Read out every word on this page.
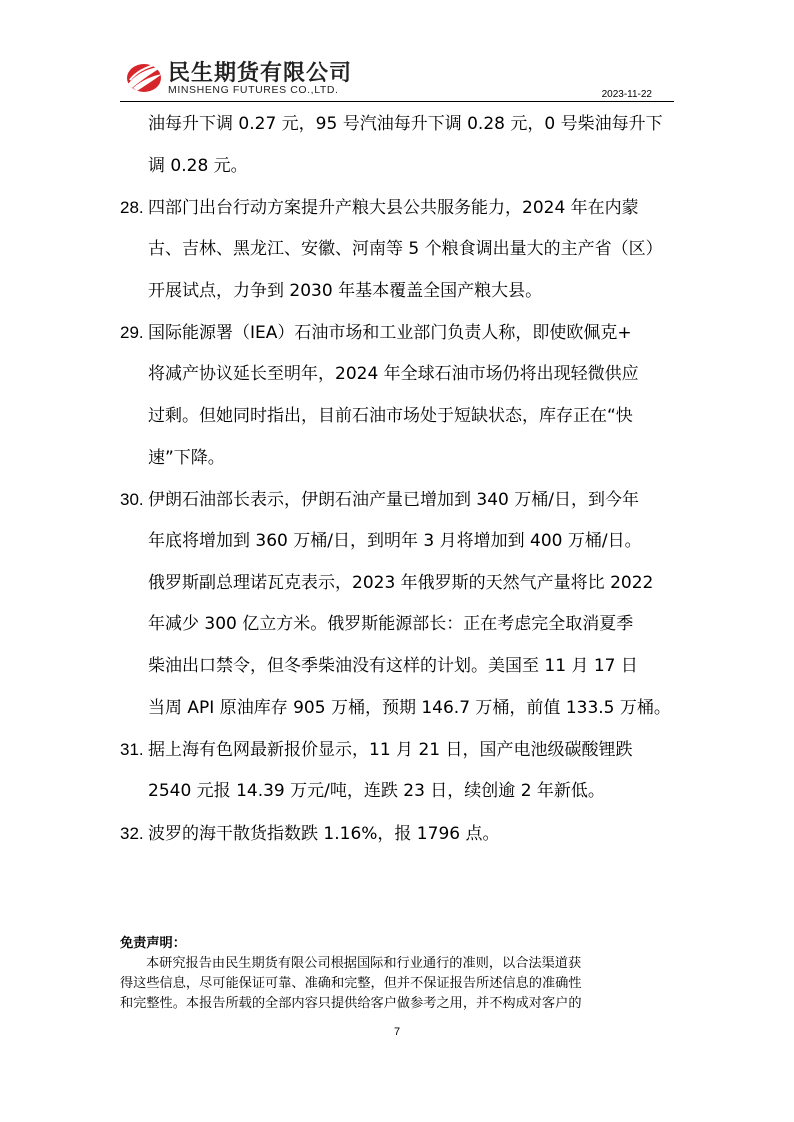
民生期货有限公司
MINSHENG FUTURES CO.,LTD.	2023-11-22
油每升下调 0.27 元，95 号汽油每升下调 0.28 元，0 号柴油每升下
调 0.28 元。
28. 四部门出台行动方案提升产粮大县公共服务能力，2024 年在内蒙
古、吉林、黑龙江、安徽、河南等 5 个粮食调出量大的主产省（区）
开展试点，力争到 2030 年基本覆盖全国产粮大县。
29. 国际能源署（IEA）石油市场和工业部门负责人称，即使欧佩克+
将减产协议延长至明年，2024 年全球石油市场仍将出现轻微供应
过剩。但她同时指出，目前石油市场处于短缺状态，库存正在“快
速”下降。
30. 伊朗石油部长表示，伊朗石油产量已增加到 340 万桶/日，到今年
年底将增加到 360 万桶/日，到明年 3 月将增加到 400 万桶/日。
俄罗斯副总理诺瓦克表示，2023 年俄罗斯的天然气产量将比 2022
年减少 300 亿立方米。俄罗斯能源部长：正在考虑完全取消夏季
柴油出口禁令，但冬季柴油没有这样的计划。美国至 11 月 17 日
当周 API 原油库存 905 万桶，预期 146.7 万桶，前值 133.5 万桶。
31. 据上海有色网最新报价显示，11 月 21 日，国产电池级碳酸锂跌
2540 元报 14.39 万元/吨，连跌 23 日，续创逾 2 年新低。
32. 波罗的海干散货指数跌 1.16%，报 1796 点。
免责声明：
本研究报告由民生期货有限公司根据国际和行业通行的准则，以合法渠道获
得这些信息，尽可能保证可靠、准确和完整，但并不保证报告所述信息的准确性
和完整性。本报告所载的全部内容只提供给客户做参考之用，并不构成对客户的
7
